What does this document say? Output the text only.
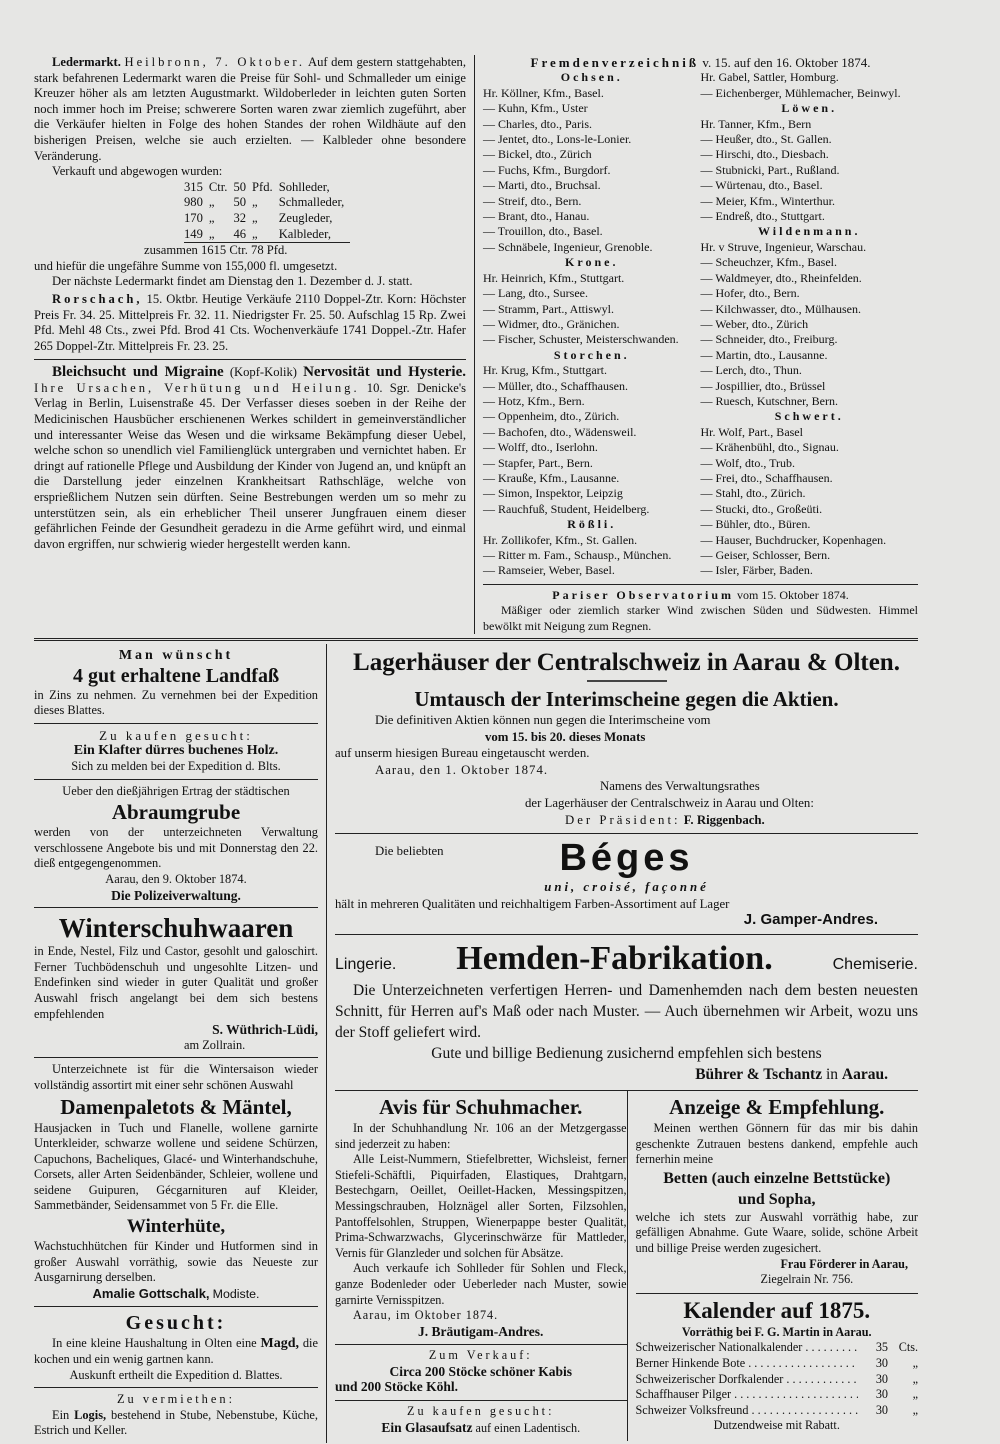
Ledermarkt. Heilbronn, 7. Oktober. Auf dem gestern stattgehabten, stark befahrenen Ledermarkt waren die Preise für Sohl- und Schmalleder um einige Kreuzer höher als am letzten Augustmarkt. Wildoberleder in leichten guten Sorten noch immer hoch im Preise; schwerere Sorten waren zwar ziemlich zugeführt, aber die Verkäufer hielten in Folge des hohen Standes der rohen Wildhäute auf den bisherigen Preisen, welche sie auch erzielten. — Kalbleder ohne besondere Veränderung.

Verkauft und abgewogen wurden:

315	Ctr.	50	Pfd.	Sohlleder,
980	„	50	„	Schmalleder,
170	„	32	„	Zeugleder,
149	„	46	„	Kalbleder,

zusammen 1615 Ctr. 78 Pfd.

und hiefür die ungefähre Summe von 155,000 fl. umgesetzt.

Der nächste Ledermarkt findet am Dienstag den 1. Dezember d. J. statt.

Rorschach, 15. Oktbr. Heutige Verkäufe 2110 Doppel-Ztr. Korn: Höchster Preis Fr. 34. 25. Mittelpreis Fr. 32. 11. Niedrigster Fr. 25. 50. Aufschlag 15 Rp. Zwei Pfd. Mehl 48 Cts., zwei Pfd. Brod 41 Cts. Wochenverkäufe 1741 Doppel.-Ztr. Hafer 265 Doppel-Ztr. Mittelpreis Fr. 23. 25.

Bleichsucht und Migraine (Kopf-Kolik) Nervosität und Hysterie. Ihre Ursachen, Verhütung und Heilung. 10. Sgr. Denicke's Verlag in Berlin, Luisenstraße 45. Der Verfasser dieses soeben in der Reihe der Medicinischen Hausbücher erschienenen Werkes schildert in gemeinverständlicher und interessanter Weise das Wesen und die wirksame Bekämpfung dieser Uebel, welche schon so unendlich viel Familienglück untergraben und vernichtet haben. Er dringt auf rationelle Pflege und Ausbildung der Kinder von Jugend an, und knüpft an die Darstellung jeder einzelnen Krankheitsart Rathschläge, welche von ersprießlichem Nutzen sein dürften. Seine Bestrebungen werden um so mehr zu unterstützen sein, als ein erheblicher Theil unserer Jungfrauen einem dieser gefährlichen Feinde der Gesundheit geradezu in die Arme geführt wird, und einmal davon ergriffen, nur schwierig wieder hergestellt werden kann.

Fremdenverzeichniß v. 15. auf den 16. Oktober 1874.

Ochsen.
Hr. Köllner, Kfm., Basel.
— Kuhn, Kfm., Uster
— Charles, dto., Paris.
— Jentet, dto., Lons-le-Lonier.
— Bickel, dto., Zürich
— Fuchs, Kfm., Burgdorf.
— Marti, dto., Bruchsal.
— Streif, dto., Bern.
— Brant, dto., Hanau.
— Trouillon, dto., Basel.
— Schnäbele, Ingenieur, Grenoble.
Krone.
Hr. Heinrich, Kfm., Stuttgart.
— Lang, dto., Sursee.
— Stramm, Part., Attiswyl.
— Widmer, dto., Gränichen.
— Fischer, Schuster, Meisterschwanden.
Storchen.
Hr. Krug, Kfm., Stuttgart.
— Müller, dto., Schaffhausen.
— Hotz, Kfm., Bern.
— Oppenheim, dto., Zürich.
— Bachofen, dto., Wädensweil.
— Wolff, dto., Iserlohn.
— Stapfer, Part., Bern.
— Krauße, Kfm., Lausanne.
— Simon, Inspektor, Leipzig
— Rauchfuß, Student, Heidelberg.
Rößli.
Hr. Zollikofer, Kfm., St. Gallen.
— Ritter m. Fam., Schausp., München.
— Ramseier, Weber, Basel.
Hr. Gabel, Sattler, Homburg.
— Eichenberger, Mühlemacher, Beinwyl.
Löwen.
Hr. Tanner, Kfm., Bern
— Heußer, dto., St. Gallen.
— Hirschi, dto., Diesbach.
— Stubnicki, Part., Rußland.
— Würtenau, dto., Basel.
— Meier, Kfm., Winterthur.
— Endreß, dto., Stuttgart.
Wildenmann.
Hr. v Struve, Ingenieur, Warschau.
— Scheuchzer, Kfm., Basel.
— Waldmeyer, dto., Rheinfelden.
— Hofer, dto., Bern.
— Kilchwasser, dto., Mülhausen.
— Weber, dto., Zürich
— Schneider, dto., Freiburg.
— Martin, dto., Lausanne.
— Lerch, dto., Thun.
— Jospillier, dto., Brüssel
— Ruesch, Kutschner, Bern.
Schwert.
Hr. Wolf, Part., Basel
— Krähenbühl, dto., Signau.
— Wolf, dto., Trub.
— Frei, dto., Schaffhausen.
— Stahl, dto., Zürich.
— Stucki, dto., Großeüti.
— Bühler, dto., Büren.
— Hauser, Buchdrucker, Kopenhagen.
— Geiser, Schlosser, Bern.
— Isler, Färber, Baden.

Pariser Observatorium vom 15. Oktober 1874.

Mäßiger oder ziemlich starker Wind zwischen Süden und Südwesten. Himmel bewölkt mit Neigung zum Regnen.

Man wünscht

4 gut erhaltene Landfaß

in Zins zu nehmen. Zu vernehmen bei der Expedition dieses Blattes.

Zu kaufen gesucht:

Ein Klafter dürres buchenes Holz.

Sich zu melden bei der Expedition d. Blts.

Ueber den dießjährigen Ertrag der städtischen

Abraumgrube

werden von der unterzeichneten Verwaltung verschlossene Angebote bis und mit Donnerstag den 22. dieß entgegengenommen.

Aarau, den 9. Oktober 1874.

Die Polizeiverwaltung.

Winterschuhwaaren

in Ende, Nestel, Filz und Castor, gesohlt und galoschirt. Ferner Tuchbödenschuh und ungesohlte Litzen- und Endefinken sind wieder in guter Qualität und großer Auswahl frisch angelangt bei dem sich bestens empfehlenden

S. Wüthrich-Lüdi,

am Zollrain.

Unterzeichnete ist für die Wintersaison wieder vollständig assortirt mit einer sehr schönen Auswahl

Damenpaletots & Mäntel,

Hausjacken in Tuch und Flanelle, wollene garnirte Unterkleider, schwarze wollene und seidene Schürzen, Capuchons, Bacheliques, Glacé- und Winterhandschuhe, Corsets, aller Arten Seidenbänder, Schleier, wollene und seidene Guipuren, Gécgarnituren auf Kleider, Sammetbänder, Seidensammet von 5 Fr. die Elle.

Winterhüte,

Wachstuchhütchen für Kinder und Hutformen sind in großer Auswahl vorräthig, sowie das Neueste zur Ausgarnirung derselben.

Amalie Gottschalk, Modiste.

Gesucht:

In eine kleine Haushaltung in Olten eine Magd, die kochen und ein wenig gartnen kann.

Auskunft ertheilt die Expedition d. Blattes.

Zu vermiethen:

Ein Logis, bestehend in Stube, Nebenstube, Küche, Estrich und Keller.

Lagerhäuser der Centralschweiz in Aarau & Olten.

Umtausch der Interimscheine gegen die Aktien.

Die definitiven Aktien können nun gegen die Interimscheine vom

vom 15. bis 20. dieses Monats

auf unserm hiesigen Bureau eingetauscht werden.

Aarau, den 1. Oktober 1874.

Namens des Verwaltungsrathes

der Lagerhäuser der Centralschweiz in Aarau und Olten:

Der Präsident: F. Riggenbach.

Die beliebten	Béges

uni, croisé, façonné

hält in mehreren Qualitäten und reichhaltigem Farben-Assortiment auf Lager

J. Gamper-Andres.

Lingerie. Hemden-Fabrikation.	Chemiserie.

Die Unterzeichneten verfertigen Herren- und Damenhemden nach dem besten neuesten Schnitt, für Herren auf's Maß oder nach Muster. — Auch übernehmen wir Arbeit, wozu uns der Stoff geliefert wird.

Gute und billige Bedienung zusichernd empfehlen sich bestens

Bührer & Tschantz in Aarau.

Avis für Schuhmacher.

In der Schuhhandlung Nr. 106 an der Metzgergasse sind jederzeit zu haben:

Alle Leist-Nummern, Stiefelbretter, Wichsleist, ferner Stiefeli-Schäftli, Piquirfaden, Elastiques, Drahtgarn, Bestechgarn, Oeillet, Oeillet-Hacken, Messingspitzen, Messingschrauben, Holznägel aller Sorten, Filzsohlen, Pantoffelsohlen, Struppen, Wienerpappe bester Qualität, Prima-Schwarzwachs, Glycerinschwärze für Mattleder, Vernis für Glanzleder und solchen für Absätze.

Auch verkaufe ich Sohlleder für Sohlen und Fleck, ganze Bodenleder oder Ueberleder nach Muster, sowie garnirte Vernisspitzen.

Aarau, im Oktober 1874.

J. Bräutigam-Andres.

Zum Verkauf:

Circa 200 Stöcke schöner Kabis

und 200 Stöcke Köhl.

Zu kaufen gesucht:

Ein Glasaufsatz auf einen Ladentisch.

Anzeige & Empfehlung.

Meinen werthen Gönnern für das mir bis dahin geschenkte Zutrauen bestens dankend, empfehle auch fernerhin meine

Betten (auch einzelne Bettstücke)

und Sopha,

welche ich stets zur Auswahl vorräthig habe, zur gefälligen Abnahme. Gute Waare, solide, schöne Arbeit und billige Preise werden zugesichert.

Frau Förderer in Aarau,

Ziegelrain Nr. 756.

Kalender auf 1875.

Vorräthig bei F. G. Martin in Aarau.

Schweizerischer Nationalkalender . . .	35 Cts.
Berner Hinkende Bote . . .	30	„
Schweizerischer Dorfkalender . . .	30	„
Schaffhauser Pilger . . .	30	„
Schweizer Volksfreund . . .	30	„

Dutzendweise mit Rabatt.
